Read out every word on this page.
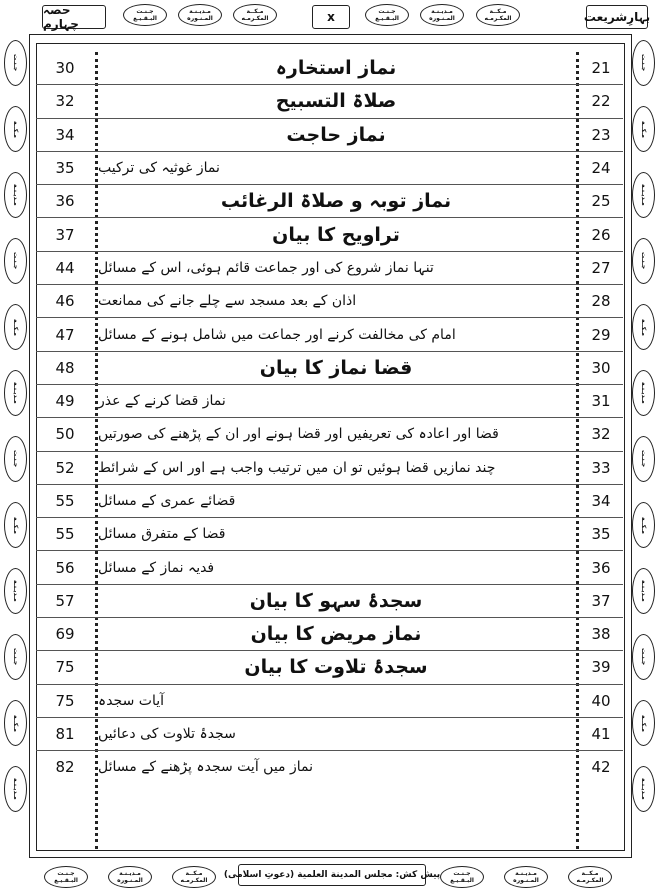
حصہ چہارم	x	بہارِشریعت
جـنـت
البـقـيـع
مـديـنـة
المـنـوره
مـكــة
المكـرمـه
جـنـت
البـقـيـع
مـديـنـة
المـنـوره
مـكــة
المكـرمـه
جـنـت
مـكــة
مـديـنـة
جـنـت
مـكــة
مـديـنـة
جـنـت
مـكــة
مـديـنـة
جـنـت
مـكــة
مـديـنـة
جـنـت
مـكــة
مـديـنـة
جـنـت
مـكــة
مـديـنـة
جـنـت
مـكــة
مـديـنـة
جـنـت
مـكــة
مـديـنـة
30	نماز استخارہ	21
32	صلاۃ التسبیح	22
34	نماز حاجت	23
35	نماز غوثیہ کی ترکیب	24
36	نماز توبہ و صلاۃ الرغائب	25
37	تراویح کا بیان	26
44	تنہا نماز شروع کی اور جماعت قائم ہوئی، اس کے مسائل	27
46	اذان کے بعد مسجد سے چلے جانے کی ممانعت	28
47	امام کی مخالفت کرنے اور جماعت میں شامل ہونے کے مسائل	29
48	قضا نماز کا بیان	30
49	نماز قضا کرنے کے عذر	31
50	قضا اور اعادہ کی تعریفیں اور قضا ہونے اور ان کے پڑھنے کی صورتیں	32
52	چند نمازیں قضا ہوئیں تو ان میں ترتیب واجب ہے اور اس کے شرائط	33
55	قضائے عمری کے مسائل	34
55	قضا کے متفرق مسائل	35
56	فدیہ نماز کے مسائل	36
57	سجدۂ سہو کا بیان	37
69	نماز مریض کا بیان	38
75	سجدۂ تلاوت کا بیان	39
75	آیات سجدہ	40
81	سجدۂ تلاوت کی دعائیں	41
82	نماز میں آیت سجدہ پڑھنے کے مسائل	42
جـنـت
البـقـيـع
مـديـنـة
المـنـوره
مـكــة
المكـرمـه
پیش کش: مجلس المدينة العلمية (دعوتِ اسلامی) جـنـت
البـقـيـع
مـديـنـة
المـنـوره
مـكــة
المكـرمـه
